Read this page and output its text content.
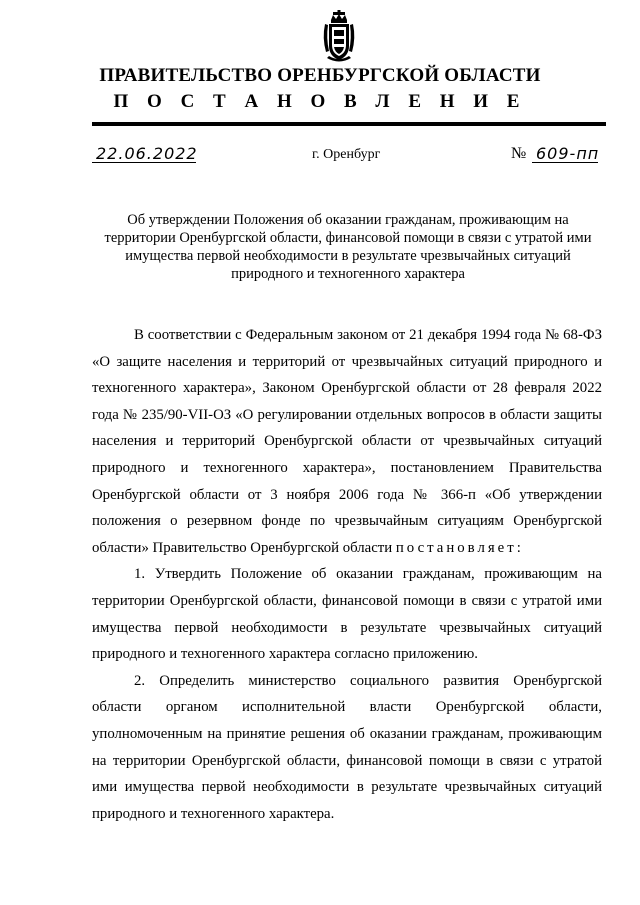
ПРАВИТЕЛЬСТВО ОРЕНБУРГСКОЙ ОБЛАСТИ
П О С Т А Н О В Л Е Н И Е
22.06.2022	г. Оренбург	№ 609-пп
Об утверждении Положения об оказании гражданам, проживающим на территории Оренбургской области, финансовой помощи в связи с утратой ими имущества первой необходимости в результате чрезвычайных ситуаций природного и техногенного характера

В соответствии с Федеральным законом от 21 декабря 1994 года № 68-ФЗ «О защите населения и территорий от чрезвычайных ситуаций природного и техногенного характера», Законом Оренбургской области от 28 февраля 2022 года № 235/90-VII-ОЗ «О регулировании отдельных вопросов в области защиты населения и территорий Оренбургской области от чрезвычайных ситуаций природного и техногенного характера», постановлением Правительства Оренбургской области от 3 ноября 2006 года № 366-п «Об утверждении положения о резервном фонде по чрезвычайным ситуациям Оренбургской области» Правительство Оренбургской области постановляет:

1. Утвердить Положение об оказании гражданам, проживающим на территории Оренбургской области, финансовой помощи в связи с утратой ими имущества первой необходимости в результате чрезвычайных ситуаций природного и техногенного характера согласно приложению.

2. Определить министерство социального развития Оренбургской области органом исполнительной власти Оренбургской области, уполномоченным на принятие решения об оказании гражданам, проживающим на территории Оренбургской области, финансовой помощи в связи с утратой ими имущества первой необходимости в результате чрезвычайных ситуаций природного и техногенного характера.
